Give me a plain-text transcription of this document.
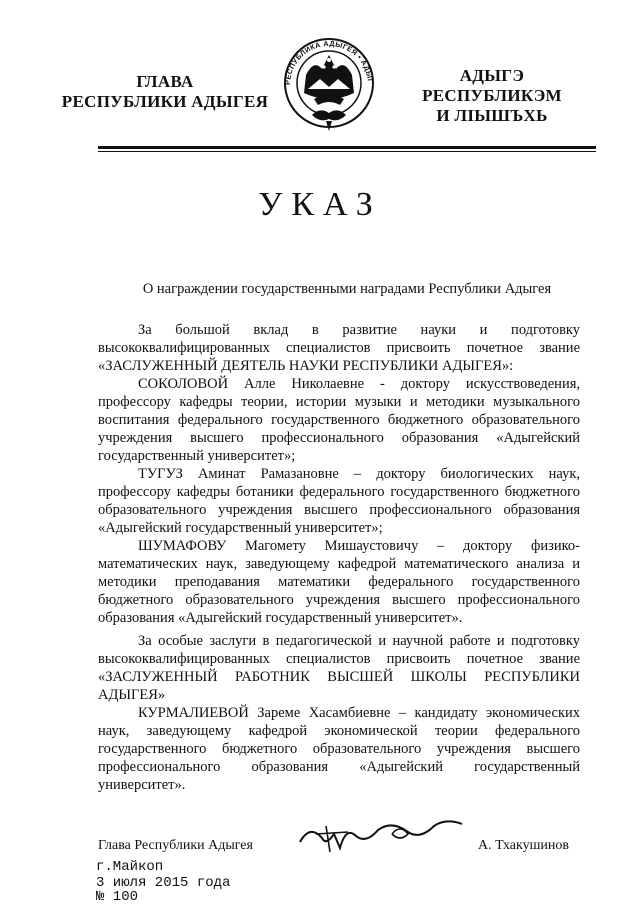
ГЛАВА
РЕСПУБЛИКИ АДЫГЕЯ
РЕСПУБЛИКА АДЫГЕЯ • АДЫГ	АДЫГЭ РЕСПУБЛИКЭМ
И ЛІЫШЪХЬ
УКАЗ
О награждении государственными наградами Республики Адыгея

За большой вклад в развитие науки и подготовку высококвалифицированных специалистов присвоить почетное звание «ЗАСЛУЖЕННЫЙ ДЕЯТЕЛЬ НАУКИ РЕСПУБЛИКИ АДЫГЕЯ»:

СОКОЛОВОЙ Алле Николаевне - доктору искусствоведения, профессору кафедры теории, истории музыки и методики музыкального воспитания федерального государственного бюджетного образовательного учреждения высшего профессионального образования «Адыгейский государственный университет»;

ТУГУЗ Аминат Рамазановне – доктору биологических наук, профессору кафедры ботаники федерального государственного бюджетного образовательного учреждения высшего профессионального образования «Адыгейский государственный университет»;

ШУМАФОВУ Магомету Мишаустовичу – доктору физико-математических наук, заведующему кафедрой математического анализа и методики преподавания математики федерального государственного бюджетного образовательного учреждения высшего профессионального образования «Адыгейский государственный университет».

За особые заслуги в педагогической и научной работе и подготовку высококвалифицированных специалистов присвоить почетное звание «ЗАСЛУЖЕННЫЙ РАБОТНИК ВЫСШЕЙ ШКОЛЫ РЕСПУБЛИКИ АДЫГЕЯ»

КУРМАЛИЕВОЙ Зареме Хасамбиевне – кандидату экономических наук, заведующему кафедрой экономической теории федерального государственного бюджетного образовательного учреждения высшего профессионального образования «Адыгейский государственный университет».

Глава Республики Адыгея	А. Тхакушинов
г.Майкоп
3 июля 2015 года
№ 100
